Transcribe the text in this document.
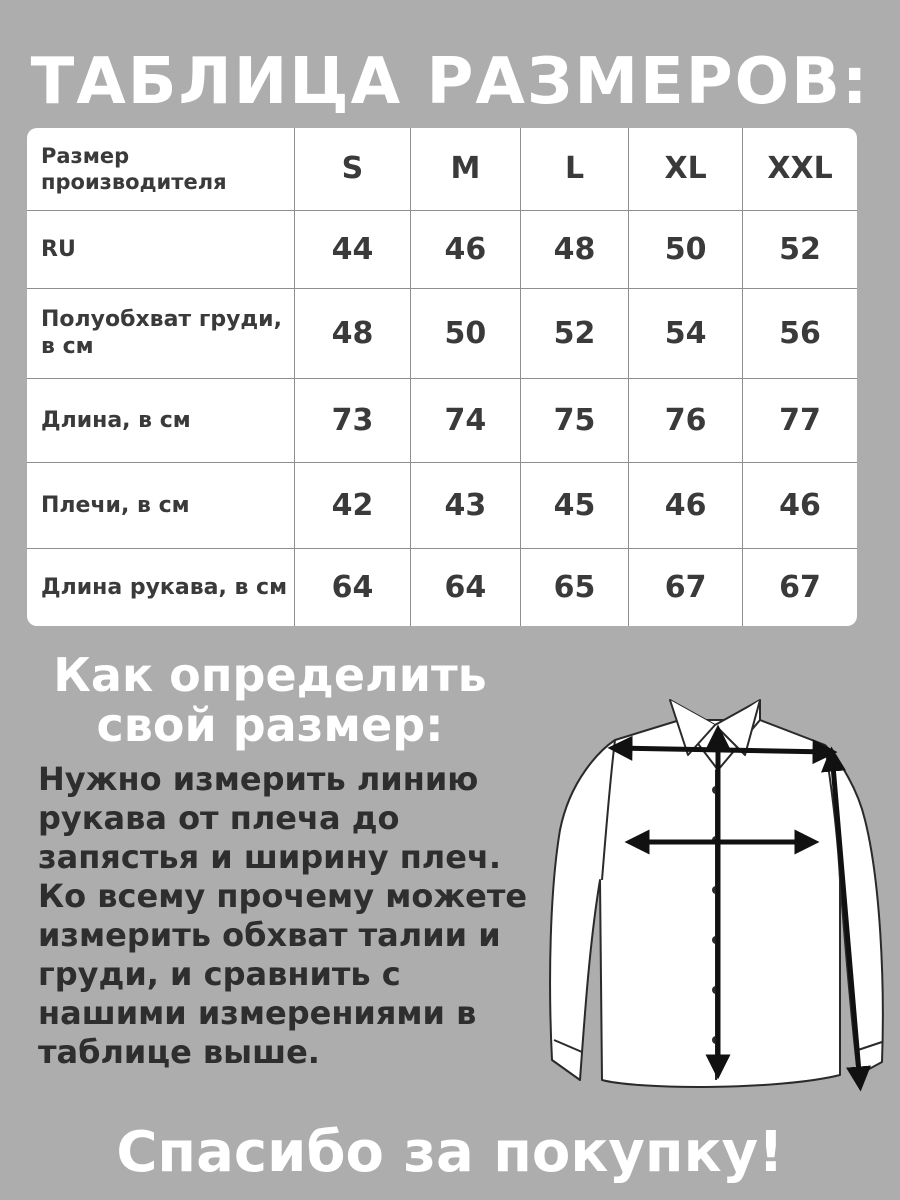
ТАБЛИЦА РАЗМЕРОВ:
Размер производителя	S	M	L	XL	XXL
RU	44	46	48	50	52
Полуобхват груди, в см	48	50	52	54	56
Длина, в см	73	74	75	76	77
Плечи, в см	42	43	45	46	46
Длина рукава, в см	64	64	65	67	67
Как определить свой размер:
Нужно измерить линию рукава от плеча до запястья и ширину плеч. Ко всему прочему можете измерить обхват талии и груди, и сравнить с нашими измерениями в таблице выше.
Спасибо за покупку!
